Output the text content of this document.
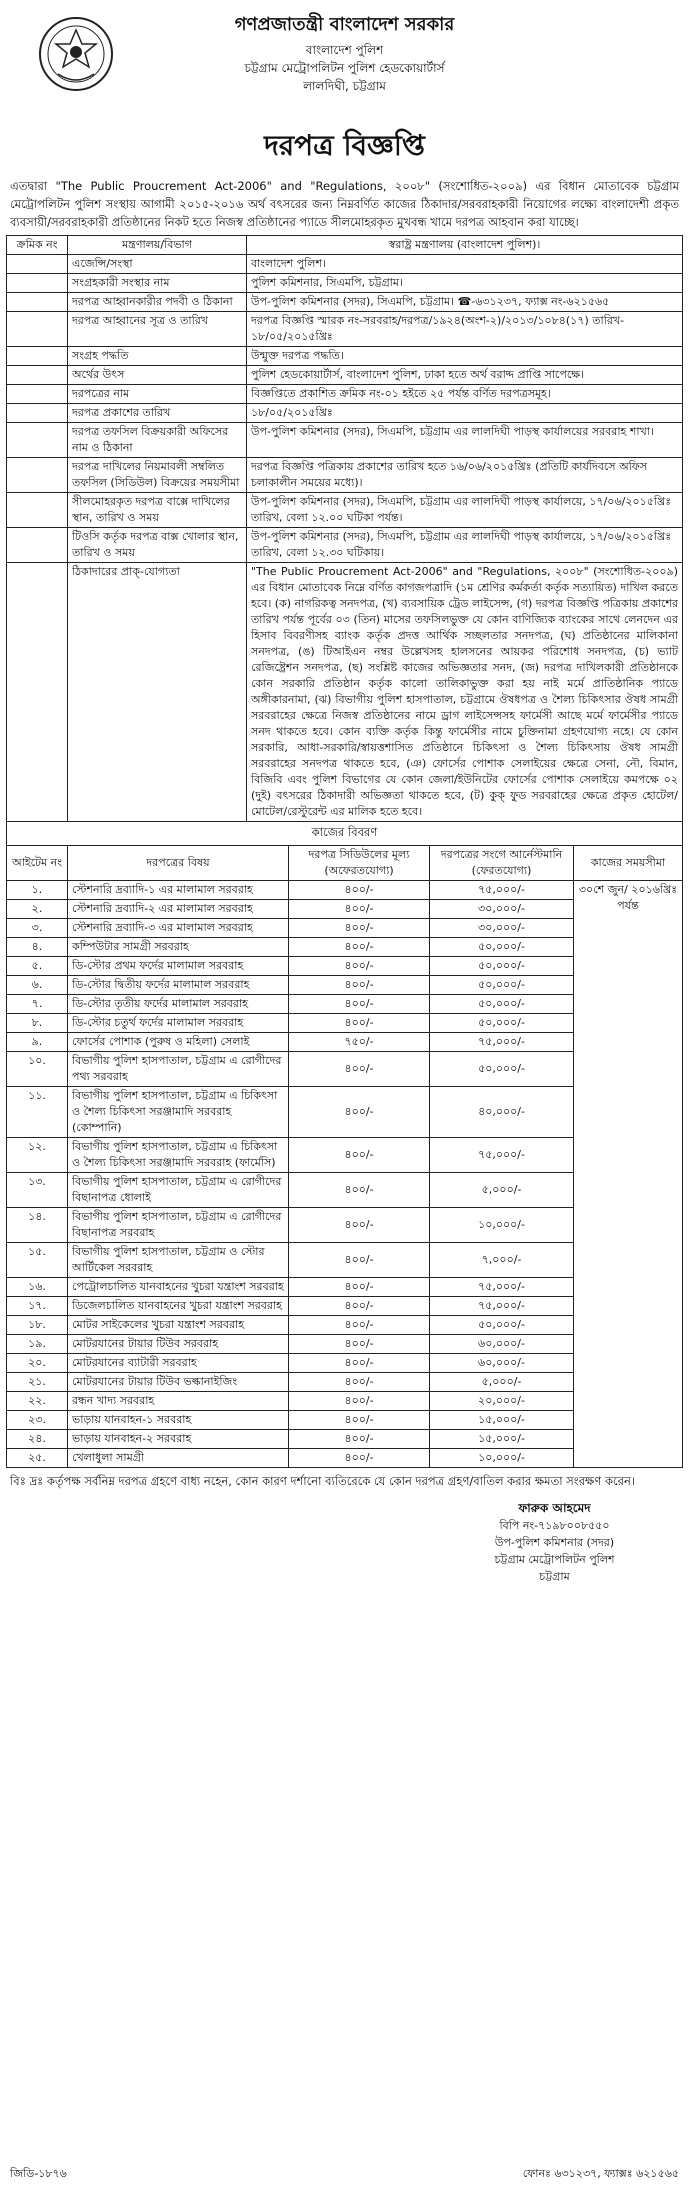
গণপ্রজাতন্ত্রী বাংলাদেশ সরকার
বাংলাদেশ পুলিশ
চট্টগ্রাম মেট্রোপলিটন পুলিশ হেডকোয়ার্টার্স
লালদিঘী, চট্টগ্রাম
দরপত্র বিজ্ঞপ্তি
এতদ্বারা "The Public Proucrement Act-2006" and "Regulations, ২০০৮" (সংশোধিত-২০০৯) এর বিধান মোতাবেক চট্টগ্রাম মেট্রোপলিটন পুলিশ সংস্থায় আগামী ২০১৫-২০১৬ অর্থ বৎসরের জন্য নিম্নবর্ণিত কাজের ঠিকাদার/সরবরাহকারী নিয়োগের লক্ষ্যে বাংলাদেশী প্রকৃত ব্যবসায়ী/সরবরাহকারী প্রতিষ্ঠানের নিকট হতে নিজস্ব প্রতিষ্ঠানের প্যাডে সীলমোহরকৃত মুখবন্ধ খামে দরপত্র আহবান করা যাচ্ছে।
ক্রমিক নং	মন্ত্রণালয়/বিভাগ	স্বরাষ্ট্র মন্ত্রণালয় (বাংলাদেশ পুলিশ)।
	এজেন্সি/সংস্থা	বাংলাদেশ পুলিশ।
	সংগ্রহকারী সংস্থার নাম	পুলিশ কমিশনার, সিএমপি, চট্টগ্রাম।
	দরপত্র আহ্বানকারীর পদবী ও ঠিকানা	উপ-পুলিশ কমিশনার (সদর), সিএমপি, চট্টগ্রাম। ☎-৬৩১২৩৭, ফ্যাক্স নং-৬২১৫৬৫
	দরপত্র আহ্বানের সূত্র ও তারিখ	দরপত্র বিজ্ঞপ্তি স্মারক নং-সরবরাহ/দরপত্র/১৯২৪(অংশ-২)/২০১৩/১০৮৪(১৭) তারিখ- ১৮/০৫/২০১৫খ্রিঃ
	সংগ্রহ পদ্ধতি	উন্মুক্ত দরপত্র পদ্ধতি।
	অর্থের উৎস	পুলিশ হেডকোয়ার্টার্স, বাংলাদেশ পুলিশ, ঢাকা হতে অর্থ বরাদ্দ প্রাপ্তি সাপেক্ষে।
	দরপত্রের নাম	বিজ্ঞপ্তিতে প্রকাশিত ক্রমিক নং-০১ হইতে ২৫ পর্যন্ত বর্ণিত দরপত্রসমূহ।
	দরপত্র প্রকাশের তারিখ	১৮/০৫/২০১৫খ্রিঃ
	দরপত্র তফসিল বিক্রয়কারী অফিসের নাম ও ঠিকানা	উপ-পুলিশ কমিশনার (সদর), সিএমপি, চট্টগ্রাম এর লালদিঘী পাড়স্থ কার্যালয়ের সরবরাহ শাখা।
	দরপত্র দাখিলের নিয়মাবলী সম্বলিত তফসিল (সিডিউল) বিক্রয়ের সময়সীমা	দরপত্র বিজ্ঞপ্তি পত্রিকায় প্রকাশের তারিখ হতে ১৬/০৬/২০১৫খ্রিঃ (প্রতিটি কার্যদিবসে অফিস চলাকালীন সময়ের মধ্যে)।
	সীলমোহরকৃত দরপত্র বাক্সে দাখিলের স্থান, তারিখ ও সময়	উপ-পুলিশ কমিশনার (সদর), সিএমপি, চট্টগ্রাম এর লালদিঘী পাড়স্থ কার্যালয়ে, ১৭/০৬/২০১৫খ্রিঃ তারিখ, বেলা ১২.০০ ঘটিকা পর্যন্ত।
	টিওসি কর্তৃক দরপত্র বাক্স খোলার স্থান, তারিখ ও সময়	উপ-পুলিশ কমিশনার (সদর), সিএমপি, চট্টগ্রাম এর লালদিঘী পাড়স্থ কার্যালয়ে, ১৭/০৬/২০১৫খ্রিঃ তারিখ, বেলা ১২.৩০ ঘটিকায়।
	ঠিকাদারের প্রাক্-যোগ্যতা	"The Public Proucrement Act-2006" and "Regulations, ২০০৮" (সংশোধিত-২০০৯) এর বিধান মোতাবেক নিম্নে বর্ণিত কাগজপত্রাদি (১ম শ্রেণির কর্মকর্তা কর্তৃক সত্যায়িত) দাখিল করতে হবে। (ক) নাগরিকত্ব সনদপত্র, (খ) ব্যবসায়িক ট্রেড লাইসেন্স, (গ) দরপত্র বিজ্ঞপ্তি পত্রিকায় প্রকাশের তারিখ পর্যন্ত পূর্বের ০৩ (তিন) মাসের তফসিলভুক্ত যে কোন বাণিজ্যিক ব্যাংকের সাথে লেনদেন এর হিসাব বিবরণীসহ ব্যাংক কর্তৃক প্রদত্ত আর্থিক সচ্ছলতার সনদপত্র, (ঘ) প্রতিষ্ঠানের মালিকানা সনদপত্র, (ঙ) টিআইএন নম্বর উল্লেখসহ হালসনের আয়কর পরিশোধ সনদপত্র, (চ) ভ্যাট রেজিষ্ট্রেশন সনদপত্র, (ছ) সংশ্লিষ্ট কাজের অভিজ্ঞতার সনদ, (জ) দরপত্র দাখিলকারী প্রতিষ্ঠানকে কোন সরকারি প্রতিষ্ঠান কর্তৃক কালো তালিকাভুক্ত করা হয় নাই মর্মে প্রাতিষ্ঠানিক প্যাডে অঙ্গীকারনামা, (ঝ) বিভাগীয় পুলিশ হাসপাতাল, চট্টগ্রামে ঔষধপত্র ও শৈল্য চিকিৎসার ঔষধ সামগ্রী সরবরাহের ক্ষেত্রে নিজস্ব প্রতিষ্ঠানের নামে ড্রাগ লাইসেন্সসহ ফার্মেসী আছে মর্মে ফার্মেসীর প্যাডে সনদ থাকতে হবে। কোন ব্যক্তি কর্তৃক কিন্তু ফার্মেসীর নামে চুক্তিনামা গ্রহণযোগ্য নহে। যে কোন সরকারি, আধা-সরকারি/স্বায়ত্তশাসিত প্রতিষ্ঠানে চিকিৎসা ও শৈল্য চিকিৎসায় ঔষধ সামগ্রী সরবরাহের সনদপত্র থাকতে হবে, (ঞ) ফোর্সের পোশাক সেলাইয়ের ক্ষেত্রে সেনা, নৌ, বিমান, বিজিবি এবং পুলিশ বিভাগের যে কোন জেলা/ইউনিটের ফোর্সের পোশাক সেলাইয়ে কমপক্ষে ০২ (দুই) বৎসরের ঠিকাদারী অভিজ্ঞতা থাকতে হবে, (ট) কুক্ ফুড সরবরাহের ক্ষেত্রে প্রকৃত হোটেল/মোটেল/রেস্টুরেন্ট এর মালিক হতে হবে।
কাজের বিবরণ
আইটেম নং	দরপত্রের বিষয়	দরপত্র সিডিউলের মূল্য (অফেরতযোগ্য)	দরপত্রের সংগে আর্নেস্টমানি (ফেরতযোগ্য)	কাজের সময়সীমা
১.	স্টেশনারি দ্রব্যাদি-১ এর মালামাল সরবরাহ	৪০০/-	৭৫,০০০/-	৩০শে জুন/ ২০১৬খ্রিঃ পর্যন্ত
২.	স্টেশনারি দ্রব্যাদি-২ এর মালামাল সরবরাহ	৪০০/-	৩০,০০০/-	
৩.	স্টেশনারি দ্রব্যাদি-৩ এর মালামাল সরবরাহ	৪০০/-	৩০,০০০/-	
৪.	কম্পিউটার সামগ্রী সরবরাহ	৪০০/-	৫০,০০০/-	
৫.	ডি-স্টোর প্রথম ফর্দের মালামাল সরবরাহ	৪০০/-	৫০,০০০/-	
৬.	ডি-স্টোর দ্বিতীয় ফর্দের মালামাল সরবরাহ	৪০০/-	৫০,০০০/-	
৭.	ডি-স্টোর তৃতীয় ফর্দের মালামাল সরবরাহ	৪০০/-	৫০,০০০/-	
৮.	ডি-স্টোর চতুর্থ ফর্দের মালামাল সরবরাহ	৪০০/-	৫০,০০০/-	
৯.	ফোর্সের পোশাক (পুরুষ ও মহিলা) সেলাই	৭৫০/-	৭৫,০০০/-	
১০.	বিভাগীয় পুলিশ হাসপাতাল, চট্টগ্রাম এ রোগীদের পথ্য সরবরাহ	৪০০/-	৫০,০০০/-	
১১.	বিভাগীয় পুলিশ হাসপাতাল, চট্টগ্রাম এ চিকিৎসা ও শৈল্য চিকিৎসা সরঞ্জামাদি সরবরাহ (কোম্পানি)	৪০০/-	৪০,০০০/-	
১২.	বিভাগীয় পুলিশ হাসপাতাল, চট্টগ্রাম এ চিকিৎসা ও শৈল্য চিকিৎসা সরঞ্জামাদি সরবরাহ (ফার্মেসি)	৪০০/-	৭৫,০০০/-	
১৩.	বিভাগীয় পুলিশ হাসপাতাল, চট্টগ্রাম এ রোগীদের বিছানাপত্র ধোলাই	৪০০/-	৫,০০০/-	
১৪.	বিভাগীয় পুলিশ হাসপাতাল, চট্টগ্রাম এ রোগীদের বিছানাপত্র সরবরাহ	৪০০/-	১০,০০০/-	
১৫.	বিভাগীয় পুলিশ হাসপাতাল, চট্টগ্রাম ও স্টোর আর্টিকেল সরবরাহ	৪০০/-	৭,০০০/-	
১৬.	পেট্রোলচালিত যানবাহনের খুচরা যন্ত্রাংশ সরবরাহ	৪০০/-	৭৫,০০০/-	
১৭.	ডিজেলচালিত যানবাহনের খুচরা যন্ত্রাংশ সরবরাহ	৪০০/-	৭৫,০০০/-	
১৮.	মোটর সাইকেলের খুচরা যন্ত্রাংশ সরবরাহ	৪০০/-	৫০,০০০/-	
১৯.	মোটরযানের টায়ার টিউব সরবরাহ	৪০০/-	৬০,০০০/-	
২০.	মোটরযানের ব্যাটারী সরবরাহ	৪০০/-	৬০,০০০/-	
২১.	মোটরযানের টায়ার টিউব ভল্কানাইজিং	৪০০/-	৫,০০০/-	
২২.	রন্ধন খাদ্য সরবরাহ	৪০০/-	২০,০০০/-	
২৩.	ভাড়ায় যানবাহন-১ সরবরাহ	৪০০/-	১৫,০০০/-	
২৪.	ভাড়ায় যানবাহন-২ সরবরাহ	৪০০/-	১৫,০০০/-	
২৫.	খেলাধুলা সামগ্রী	৪০০/-	১০,০০০/-	
বিঃ দ্রঃ কর্তৃপক্ষ সর্বনিম্ন দরপত্র গ্রহণে বাধ্য নহেন, কোন কারণ দর্শানো ব্যতিরেকে যে কোন দরপত্র গ্রহণ/বাতিল করার ক্ষমতা সংরক্ষণ করেন।
ফারুক আহমেদ
বিপি নং-৭১৯৮০০৮৫৫০
উপ-পুলিশ কমিশনার (সদর)
চট্টগ্রাম মেট্রোপলিটন পুলিশ
চট্টগ্রাম
জিডি-১৮৭৬	ফোনঃ ৬৩১২৩৭, ফ্যাক্সঃ ৬২১৫৬৫
